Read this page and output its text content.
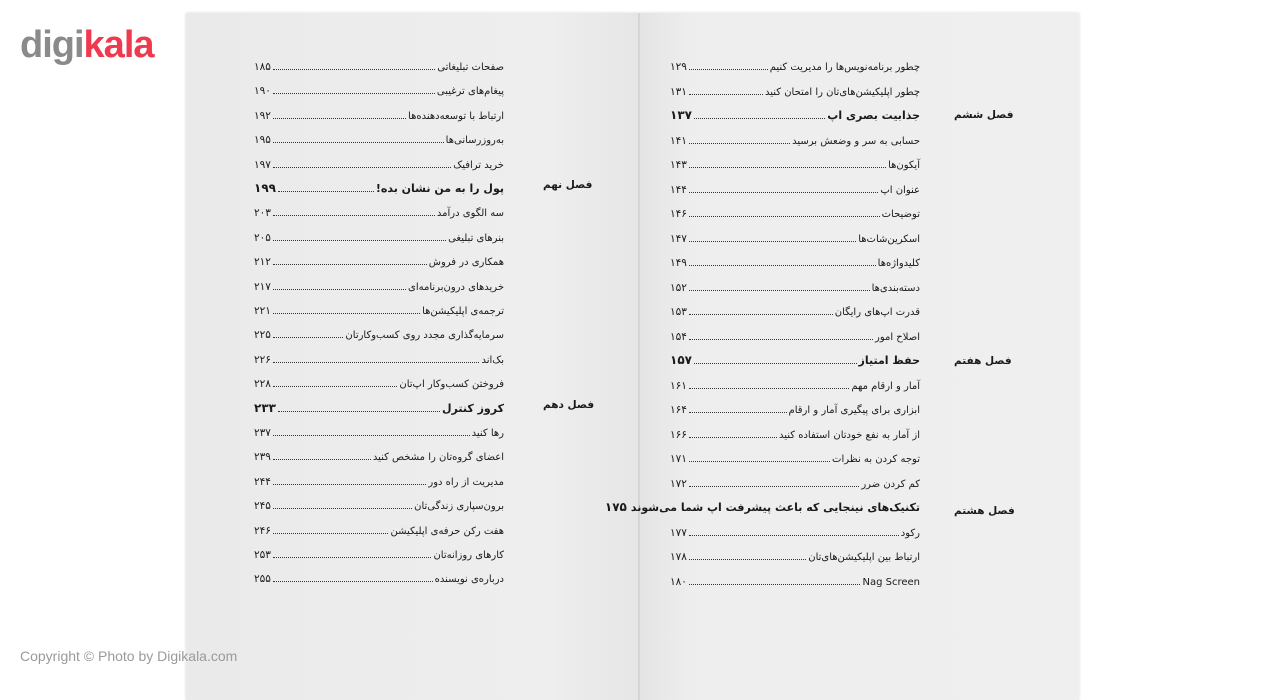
digikala
فصل نهم
فصل دهم
صفحات تبلیغاتی
۱۸۵
پیغام‌های ترغیبی
۱۹۰
ارتباط با توسعه‌دهنده‌ها
۱۹۲
به‌روزرسانی‌ها
۱۹۵
خرید ترافیک
۱۹۷
پول را به من نشان بده!
۱۹۹
سه الگوی درآمد
۲۰۳
بنرهای تبلیغی
۲۰۵
همکاری در فروش
۲۱۲
خریدهای درون‌برنامه‌ای
۲۱۷
ترجمه‌ی اپلیکیشن‌ها
۲۲۱
سرمایه‌گذاری مجدد روی کسب‌وکارتان
۲۲۵
بک‌اند
۲۲۶
فروختن کسب‌وکار اپ‌تان
۲۲۸
کروز کنترل
۲۳۳
رها کنید
۲۳۷
اعضای گروه‌تان را مشخص کنید
۲۳۹
مدیریت از راه دور
۲۴۴
برون‌سپاری زندگی‌تان
۲۴۵
هفت رکن حرفه‌ی اپلیکیشن
۲۴۶
کارهای روزانه‌تان
۲۵۳
درباره‌ی نویسنده
۲۵۵
فصل ششم
فصل هفتم
فصل هشتم
چطور برنامه‌نویس‌ها را مدیریت کنیم
۱۲۹
چطور اپلیکیشن‌های‌تان را امتحان کنید
۱۳۱
جذابیت بصری اپ
۱۳۷
حسابی به سر و وضعش برسید
۱۴۱
آیکون‌ها
۱۴۳
عنوان اپ
۱۴۴
توضیحات
۱۴۶
اسکرین‌شات‌ها
۱۴۷
کلیدواژه‌ها
۱۴۹
دسته‌بندی‌ها
۱۵۲
قدرت اپ‌های رایگان
۱۵۳
اصلاح امور
۱۵۴
حفظ امتیاز
۱۵۷
آمار و ارقام مهم
۱۶۱
ابزاری برای پیگیری آمار و ارقام
۱۶۴
از آمار به نفع خودتان استفاده کنید
۱۶۶
توجه کردن به نظرات
۱۷۱
کم کردن ضرر
۱۷۲
تکنیک‌های نینجایی که باعث پیشرفت اپ شما می‌شوند
۱۷۵
رکود
۱۷۷
ارتباط بین اپلیکیشن‌های‌تان
۱۷۸
Nag Screen
۱۸۰
Copyright © Photo by Digikala.com
